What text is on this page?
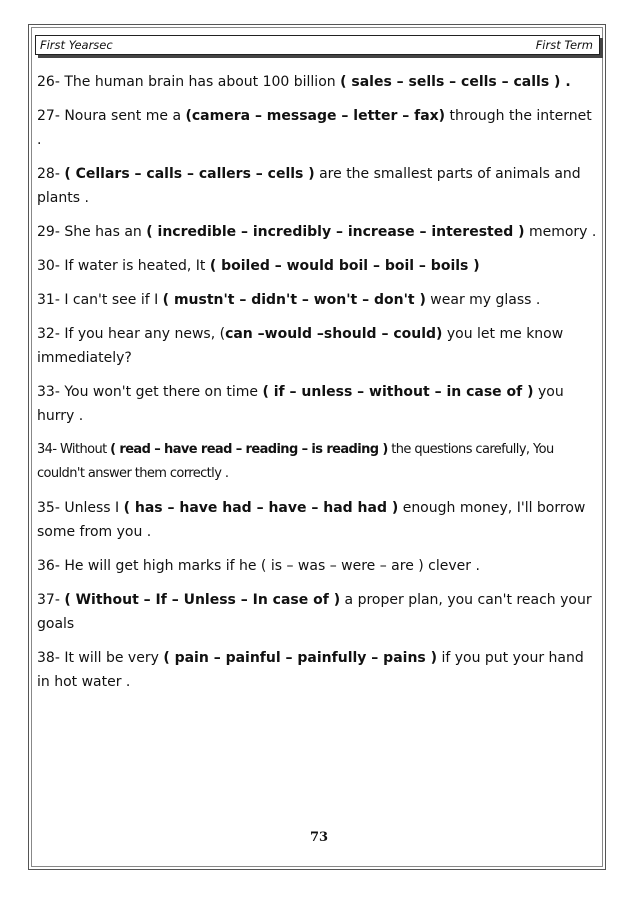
First Yearsec	First Term

26- The human brain has about 100 billion ( sales – sells – cells – calls ) .

27- Noura sent me a (camera – message – letter – fax) through the internet .

28- ( Cellars – calls – callers – cells ) are the smallest parts of animals and plants .

29- She has an ( incredible – incredibly – increase – interested ) memory .

30- If water is heated, It ( boiled – would boil – boil – boils )

31- I can't see if I ( mustn't – didn't – won't – don't ) wear my glass .

32- If you hear any news, (can –would –should – could) you let me know immediately?

33- You won't get there on time ( if – unless – without – in case of ) you hurry .

34- Without ( read – have read – reading – is reading ) the questions carefully, You couldn't answer them correctly .

35- Unless I ( has – have had – have – had had ) enough money, I'll borrow some from you .

36- He will get high marks if he ( is – was – were – are ) clever .

37- ( Without – If – Unless – In case of ) a proper plan, you can't reach your goals

38- It will be very ( pain – painful – painfully – pains ) if you put your hand in hot water .

73
